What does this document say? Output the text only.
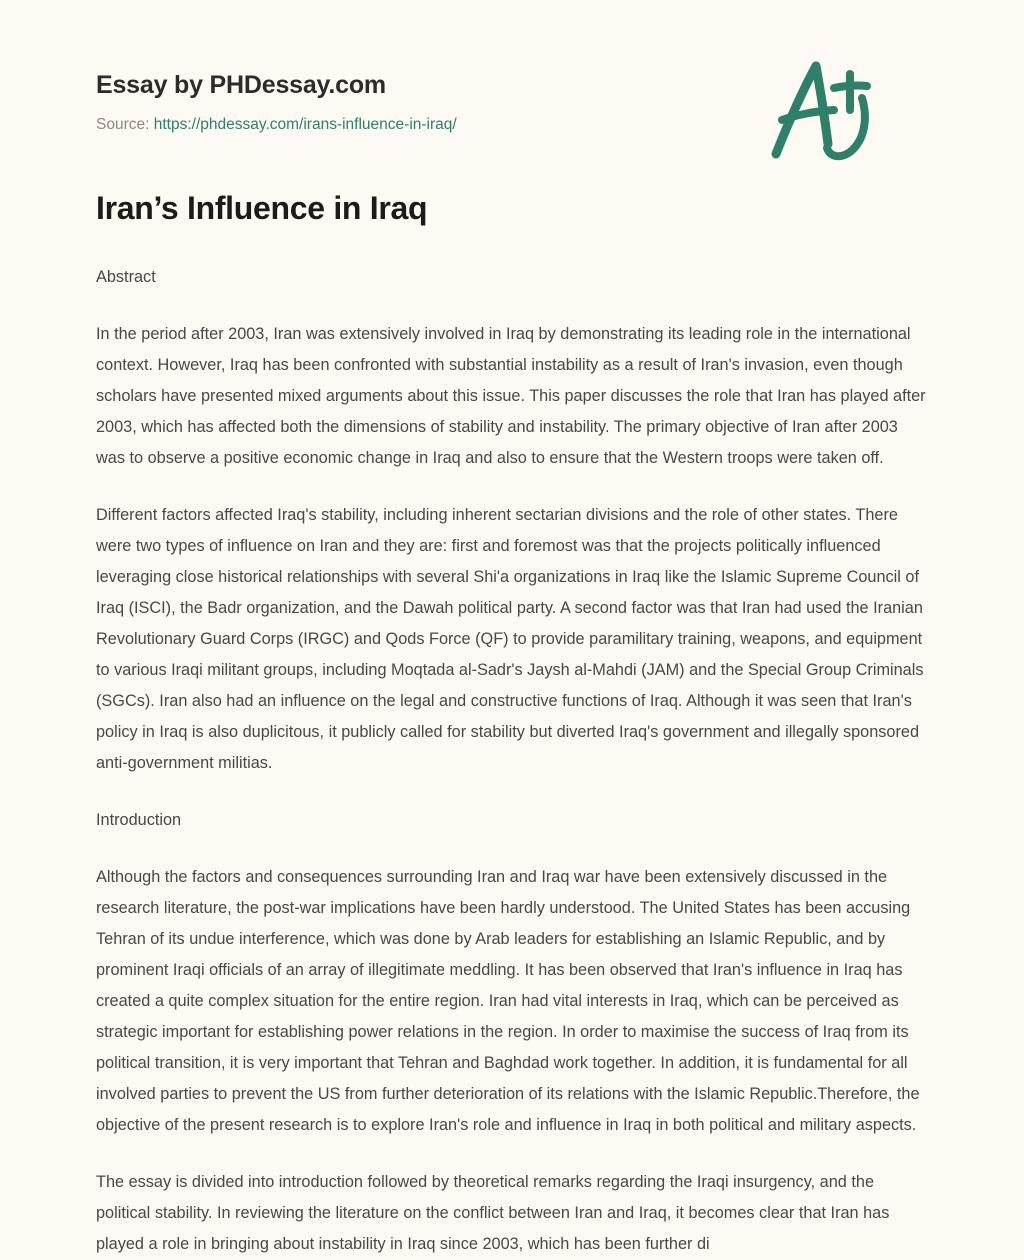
Essay by PHDessay.com
Source: https://phdessay.com/irans-influence-in-iraq/
Iran’s Influence in Iraq

Abstract

In the period after 2003, Iran was extensively involved in Iraq by demonstrating its leading role in the international context. However, Iraq has been confronted with substantial instability as a result of Iran's invasion, even though scholars have presented mixed arguments about this issue. This paper discusses the role that Iran has played after 2003, which has affected both the dimensions of stability and instability. The primary objective of Iran after 2003 was to observe a positive economic change in Iraq and also to ensure that the Western troops were taken off.

Different factors affected Iraq's stability, including inherent sectarian divisions and the role of other states. There were two types of influence on Iran and they are: first and foremost was that the projects politically influenced leveraging close historical relationships with several Shi'a organizations in Iraq like the Islamic Supreme Council of Iraq (ISCI), the Badr organization, and the Dawah political party. A second factor was that Iran had used the Iranian Revolutionary Guard Corps (IRGC) and Qods Force (QF) to provide paramilitary training, weapons, and equipment to various Iraqi militant groups, including Moqtada al-Sadr's Jaysh al-Mahdi (JAM) and the Special Group Criminals (SGCs). Iran also had an influence on the legal and constructive functions of Iraq. Although it was seen that Iran's policy in Iraq is also duplicitous, it publicly called for stability but diverted Iraq's government and illegally sponsored anti-government militias.

Introduction

Although the factors and consequences surrounding Iran and Iraq war have been extensively discussed in the research literature, the post-war implications have been hardly understood. The United States has been accusing Tehran of its undue interference, which was done by Arab leaders for establishing an Islamic Republic, and by prominent Iraqi officials of an array of illegitimate meddling. It has been observed that Iran's influence in Iraq has created a quite complex situation for the entire region. Iran had vital interests in Iraq, which can be perceived as strategic important for establishing power relations in the region. In order to maximise the success of Iraq from its political transition, it is very important that Tehran and Baghdad work together. In addition, it is fundamental for all involved parties to prevent the US from further deterioration of its relations with the Islamic Republic.Therefore, the objective of the present research is to explore Iran's role and influence in Iraq in both political and military aspects.

The essay is divided into introduction followed by theoretical remarks regarding the Iraqi insurgency, and the political stability. In reviewing the literature on the conflict between Iran and Iraq, it becomes clear that Iran has played a role in bringing about instability in Iraq since 2003, which has been further di
